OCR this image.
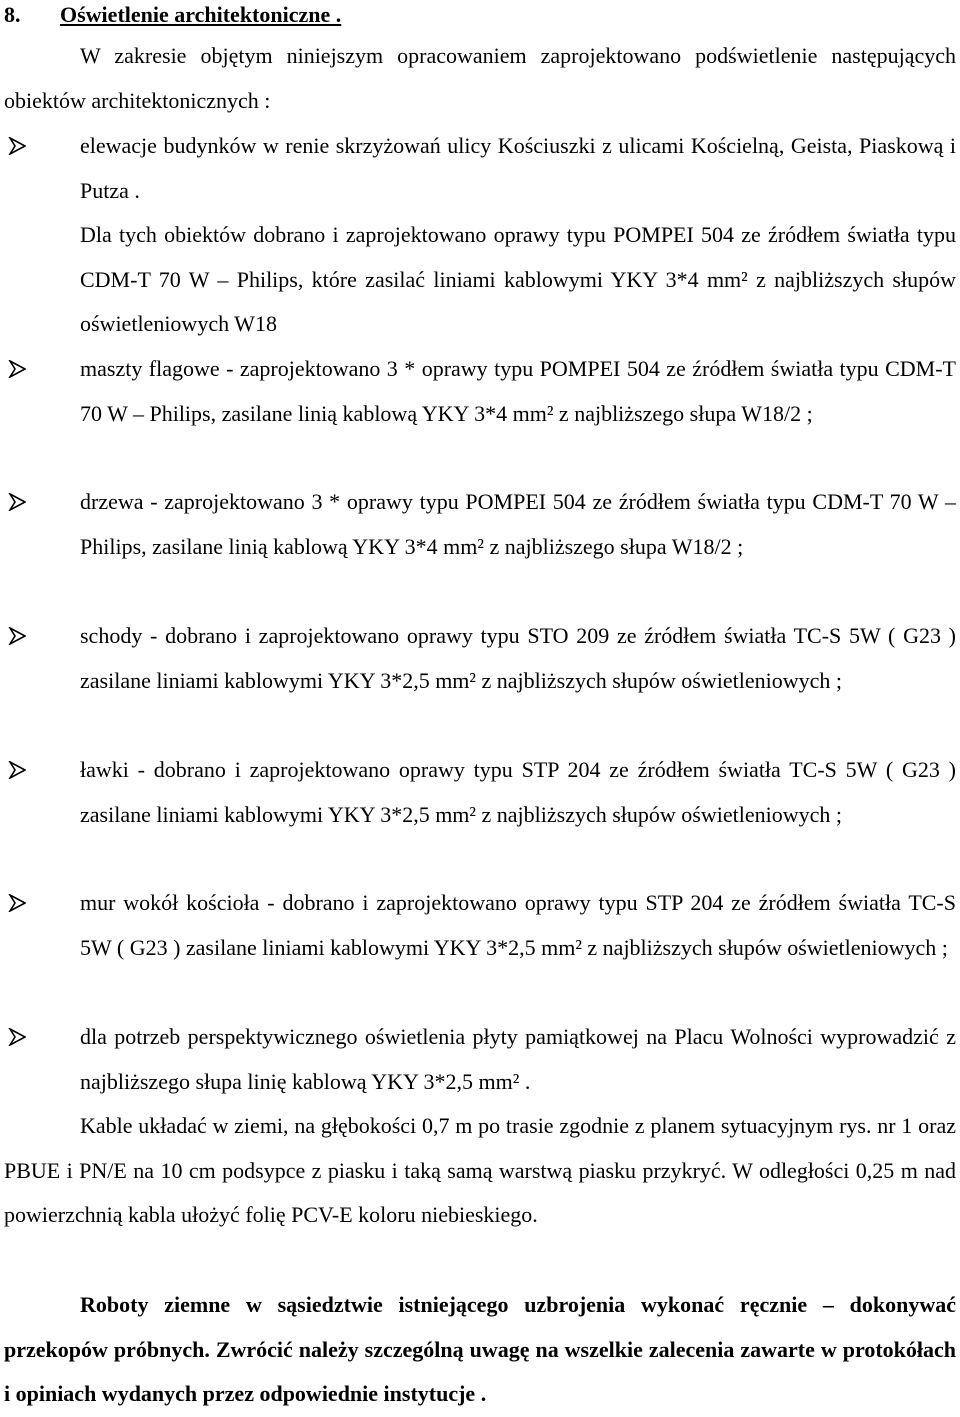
8. Oświetlenie architektoniczne .
W zakresie objętym niniejszym opracowaniem zaprojektowano podświetlenie następujących obiektów architektonicznych :
elewacje budynków w renie skrzyżowań ulicy Kościuszki z ulicami Kościelną, Geista, Piaskową i Putza .
Dla tych obiektów dobrano i zaprojektowano oprawy typu POMPEI 504 ze źródłem światła typu CDM-T 70 W – Philips, które zasilać liniami kablowymi YKY 3*4 mm² z najbliższych słupów oświetleniowych W18
maszty flagowe - zaprojektowano 3 * oprawy typu POMPEI 504 ze źródłem światła typu CDM-T 70 W – Philips, zasilane linią kablową YKY 3*4 mm² z najbliższego słupa W18/2 ;
drzewa - zaprojektowano 3 * oprawy typu POMPEI 504 ze źródłem światła typu CDM-T 70 W – Philips, zasilane linią kablową YKY 3*4 mm² z najbliższego słupa W18/2 ;
schody - dobrano i zaprojektowano oprawy typu STO 209 ze źródłem światła TC-S 5W ( G23 ) zasilane liniami kablowymi YKY 3*2,5 mm² z najbliższych słupów oświetleniowych ;
ławki - dobrano i zaprojektowano oprawy typu STP 204 ze źródłem światła TC-S 5W ( G23 ) zasilane liniami kablowymi YKY 3*2,5 mm² z najbliższych słupów oświetleniowych ;
mur wokół kościoła - dobrano i zaprojektowano oprawy typu STP 204 ze źródłem światła TC-S 5W ( G23 ) zasilane liniami kablowymi YKY 3*2,5 mm² z najbliższych słupów oświetleniowych ;
dla potrzeb perspektywicznego oświetlenia płyty pamiątkowej na Placu Wolności wyprowadzić z najbliższego słupa linię kablową YKY 3*2,5 mm² .
Kable układać w ziemi, na głębokości 0,7 m po trasie zgodnie z planem sytuacyjnym rys. nr 1 oraz PBUE i PN/E na 10 cm podsypce z piasku i taką samą warstwą piasku przykryć. W odległości 0,25 m nad powierzchnią kabla ułożyć folię PCV-E koloru niebieskiego.
Roboty ziemne w sąsiedztwie istniejącego uzbrojenia wykonać ręcznie – dokonywać przekopów próbnych. Zwrócić należy szczególną uwagę na wszelkie zalecenia zawarte w protokółach i opiniach wydanych przez odpowiednie instytucje .
